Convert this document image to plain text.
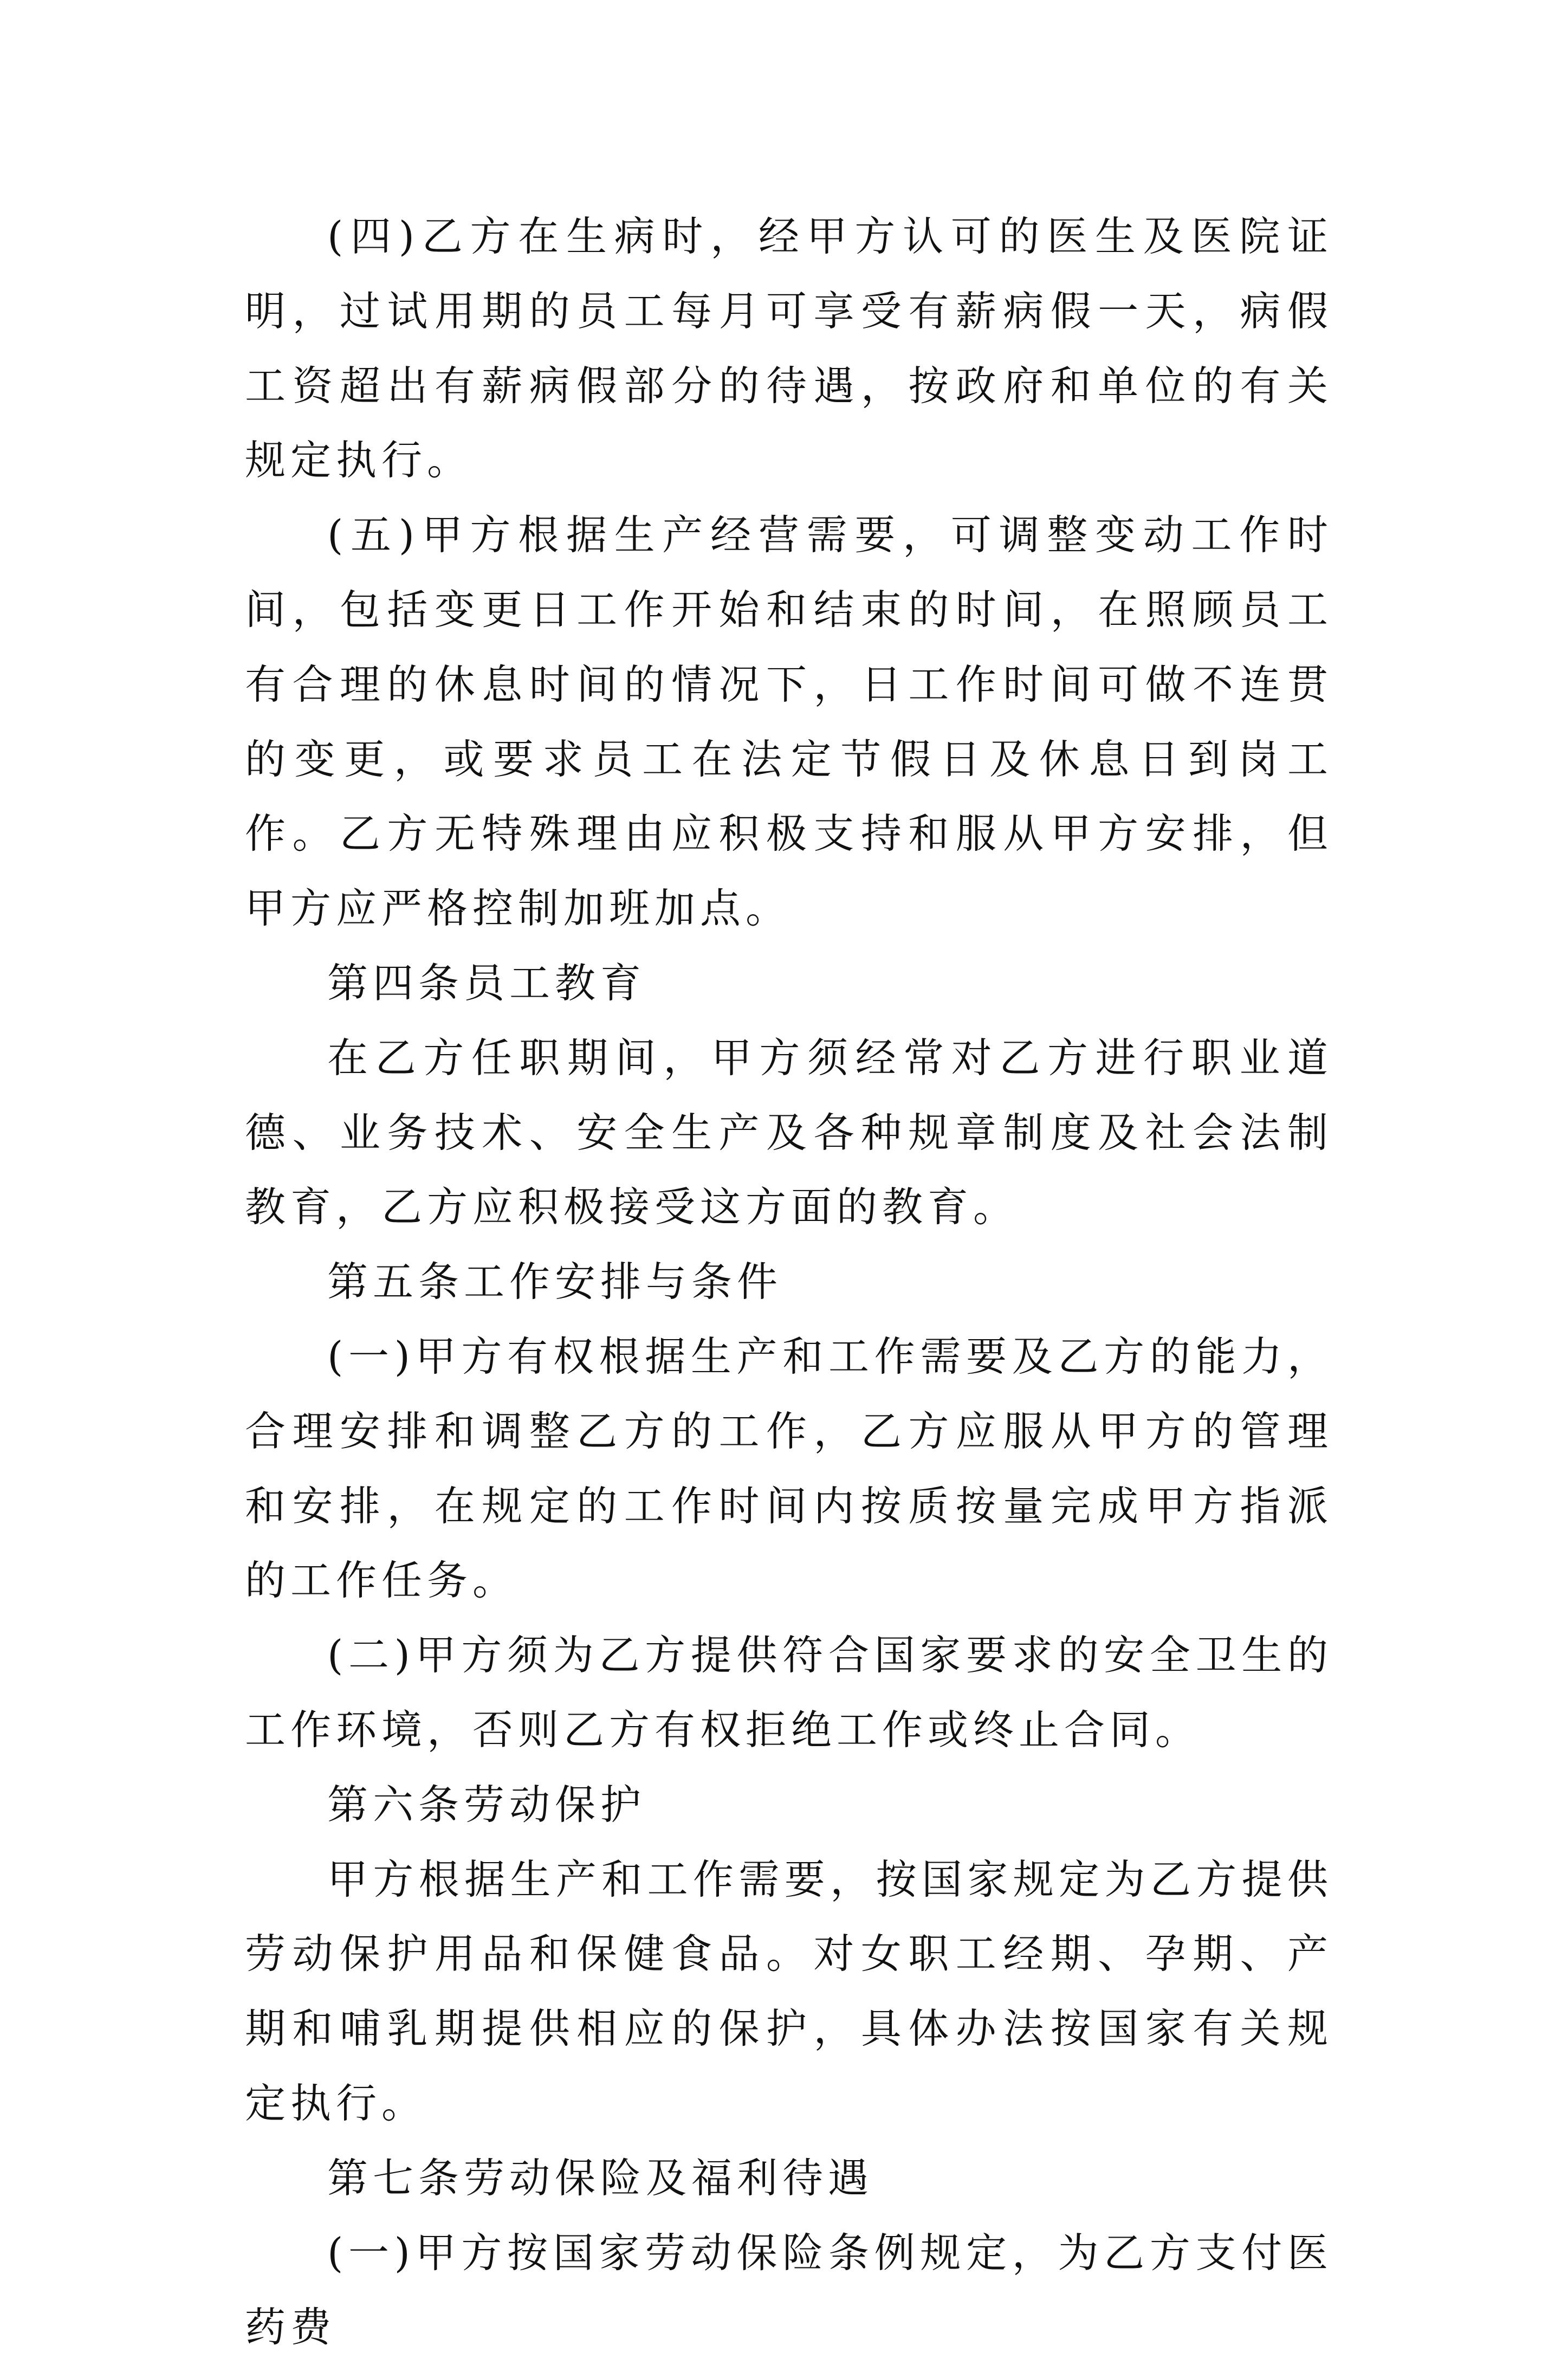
(四)乙方在生病时，经甲方认可的医生及医院证明，过试用期的员工每月可享受有薪病假一天，病假工资超出有薪病假部分的待遇，按政府和单位的有关规定执行。

(五)甲方根据生产经营需要，可调整变动工作时间，包括变更日工作开始和结束的时间，在照顾员工有合理的休息时间的情况下，日工作时间可做不连贯的变更，或要求员工在法定节假日及休息日到岗工作。乙方无特殊理由应积极支持和服从甲方安排，但甲方应严格控制加班加点。

第四条员工教育

在乙方任职期间，甲方须经常对乙方进行职业道德、业务技术、安全生产及各种规章制度及社会法制教育，乙方应积极接受这方面的教育。

第五条工作安排与条件

(一)甲方有权根据生产和工作需要及乙方的能力，合理安排和调整乙方的工作，乙方应服从甲方的管理和安排，在规定的工作时间内按质按量完成甲方指派的工作任务。

(二)甲方须为乙方提供符合国家要求的安全卫生的工作环境，否则乙方有权拒绝工作或终止合同。

第六条劳动保护

甲方根据生产和工作需要，按国家规定为乙方提供劳动保护用品和保健食品。对女职工经期、孕期、产期和哺乳期提供相应的保护，具体办法按国家有关规定执行。

第七条劳动保险及福利待遇

(一)甲方按国家劳动保险条例规定，为乙方支付医药费
